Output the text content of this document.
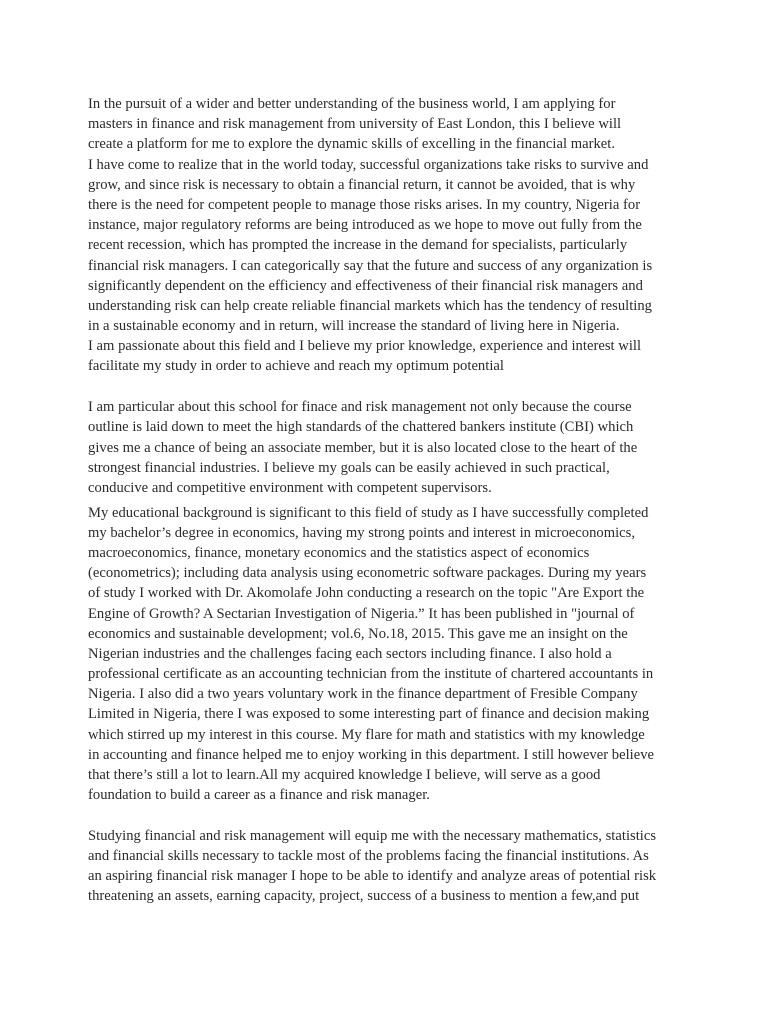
In the pursuit of a wider and better understanding of the business world, I am applying for
masters in finance and risk management from university of East London, this I believe will
create a platform for me to explore the dynamic skills of excelling in the financial market.
I have come to realize that in the world today, successful organizations take risks to survive and
grow, and since risk is necessary to obtain a financial return, it cannot be avoided, that is why
there is the need for competent people to manage those risks arises. In my country, Nigeria for
instance, major regulatory reforms are being introduced as we hope to move out fully from the
recent recession, which has prompted the increase in the demand for specialists, particularly
financial risk managers. I can categorically say that the future and success of any organization is
significantly dependent on the efficiency and effectiveness of their financial risk managers and
understanding risk can help create reliable financial markets which has the tendency of resulting
in a sustainable economy and in return, will increase the standard of living here in Nigeria.
I am passionate about this field and I believe my prior knowledge, experience and interest will
facilitate my study in order to achieve and reach my optimum potential
I am particular about this school for finace and risk management not only because the course
outline is laid down to meet the high standards of the chattered bankers institute (CBI) which
gives me a chance of being an associate member, but it is also located close to the heart of the
strongest financial industries. I believe my goals can be easily achieved in such practical,
conducive and competitive environment with competent supervisors.
My educational background is significant to this field of study as I have successfully completed
my bachelor’s degree in economics, having my strong points and interest in microeconomics,
macroeconomics, finance, monetary economics and the statistics aspect of economics
(econometrics); including data analysis using econometric software packages. During my years
of study I worked with Dr. Akomolafe John conducting a research on the topic "Are Export the
Engine of Growth? A Sectarian Investigation of Nigeria.” It has been published in "journal of
economics and sustainable development; vol.6, No.18, 2015. This gave me an insight on the
Nigerian industries and the challenges facing each sectors including finance. I also hold a
professional certificate as an accounting technician from the institute of chartered accountants in
Nigeria. I also did a two years voluntary work in the finance department of Fresible Company
Limited in Nigeria, there I was exposed to some interesting part of finance and decision making
which stirred up my interest in this course. My flare for math and statistics with my knowledge
in accounting and finance helped me to enjoy working in this department. I still however believe
that there’s still a lot to learn.All my acquired knowledge I believe, will serve as a good
foundation to build a career as a finance and risk manager.
Studying financial and risk management will equip me with the necessary mathematics, statistics
and financial skills necessary to tackle most of the problems facing the financial institutions. As
an aspiring financial risk manager I hope to be able to identify and analyze areas of potential risk
threatening an assets, earning capacity, project, success of a business to mention a few,and put
